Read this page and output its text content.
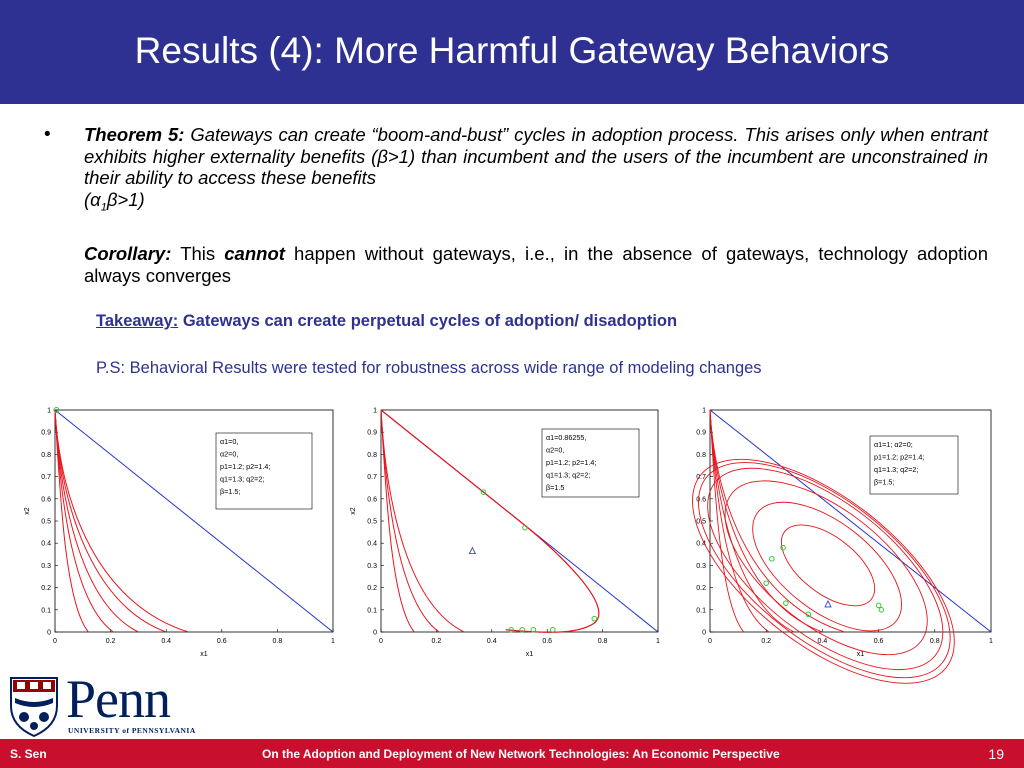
Results (4): More Harmful Gateway Behaviors
• Theorem 5: Gateways can create “boom-and-bust” cycles in adoption process. This arises only when entrant exhibits higher externality benefits (β>1) than incumbent and the users of the incumbent are unconstrained in their ability to access these benefits
$(\alpha_1\beta>1)$
Corollary: This cannot happen without gateways, i.e., in the absence of gateways, technology adoption always converges
Takeaway: Gateways can create perpetual cycles of adoption/ disadoption
P.S: Behavioral Results were tested for robustness across wide range of modeling changes
0	0.2	0.4	0.6	0.8	1
0
0.1
0.2
0.3
0.4
0.5
0.6
0.7
0.8
0.9
1
x1
x2
α1=0,
α2=0,
p1=1.2; p2=1.4;
q1=1.3; q2=2;
β=1.5;
0	0.2	0.4	0.6	0.8	1
0
0.1
0.2
0.3
0.4
0.5
0.6
0.7
0.8
0.9
1
x1
x2
α1=0.86255,
α2=0,
p1=1.2; p2=1.4;
q1=1.3; q2=2;
β=1.5
0	0.2	0.4	0.6	0.8	1
0
0.1
0.2
0.3
0.4
0.5
0.6
0.7
0.8
0.9
1
x1
α1=1; α2=0;
p1=1.2; p2=1.4;
q1=1.3; q2=2;
β=1.5;
Penn
UNIVERSITY of PENNSYLVANIA
S. Sen	On the Adoption and Deployment of New Network Technologies: An Economic Perspective	19
